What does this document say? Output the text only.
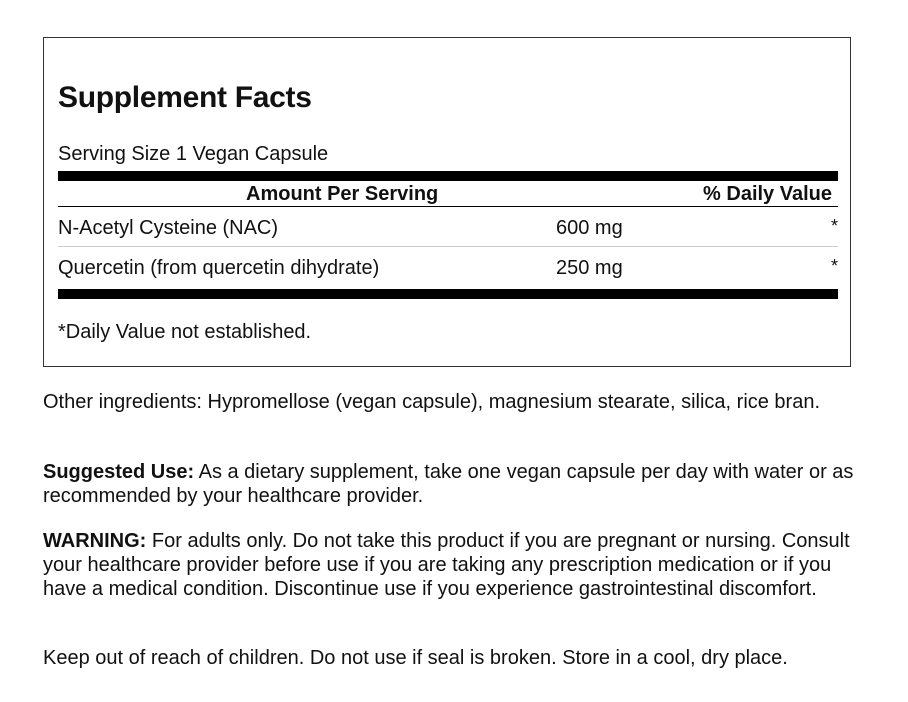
Supplement Facts
Serving Size 1 Vegan Capsule
Amount Per Serving	% Daily Value
N-Acetyl Cysteine (NAC)	600 mg	*
Quercetin (from quercetin dihydrate)	250 mg	*
*Daily Value not established.

Other ingredients: Hypromellose (vegan capsule), magnesium stearate, silica, rice bran.

Suggested Use: As a dietary supplement, take one vegan capsule per day with water or as recommended by your healthcare provider.

WARNING: For adults only. Do not take this product if you are pregnant or nursing. Consult your healthcare provider before use if you are taking any prescription medication or if you have a medical condition. Discontinue use if you experience gastrointestinal discomfort.

Keep out of reach of children. Do not use if seal is broken. Store in a cool, dry place.
